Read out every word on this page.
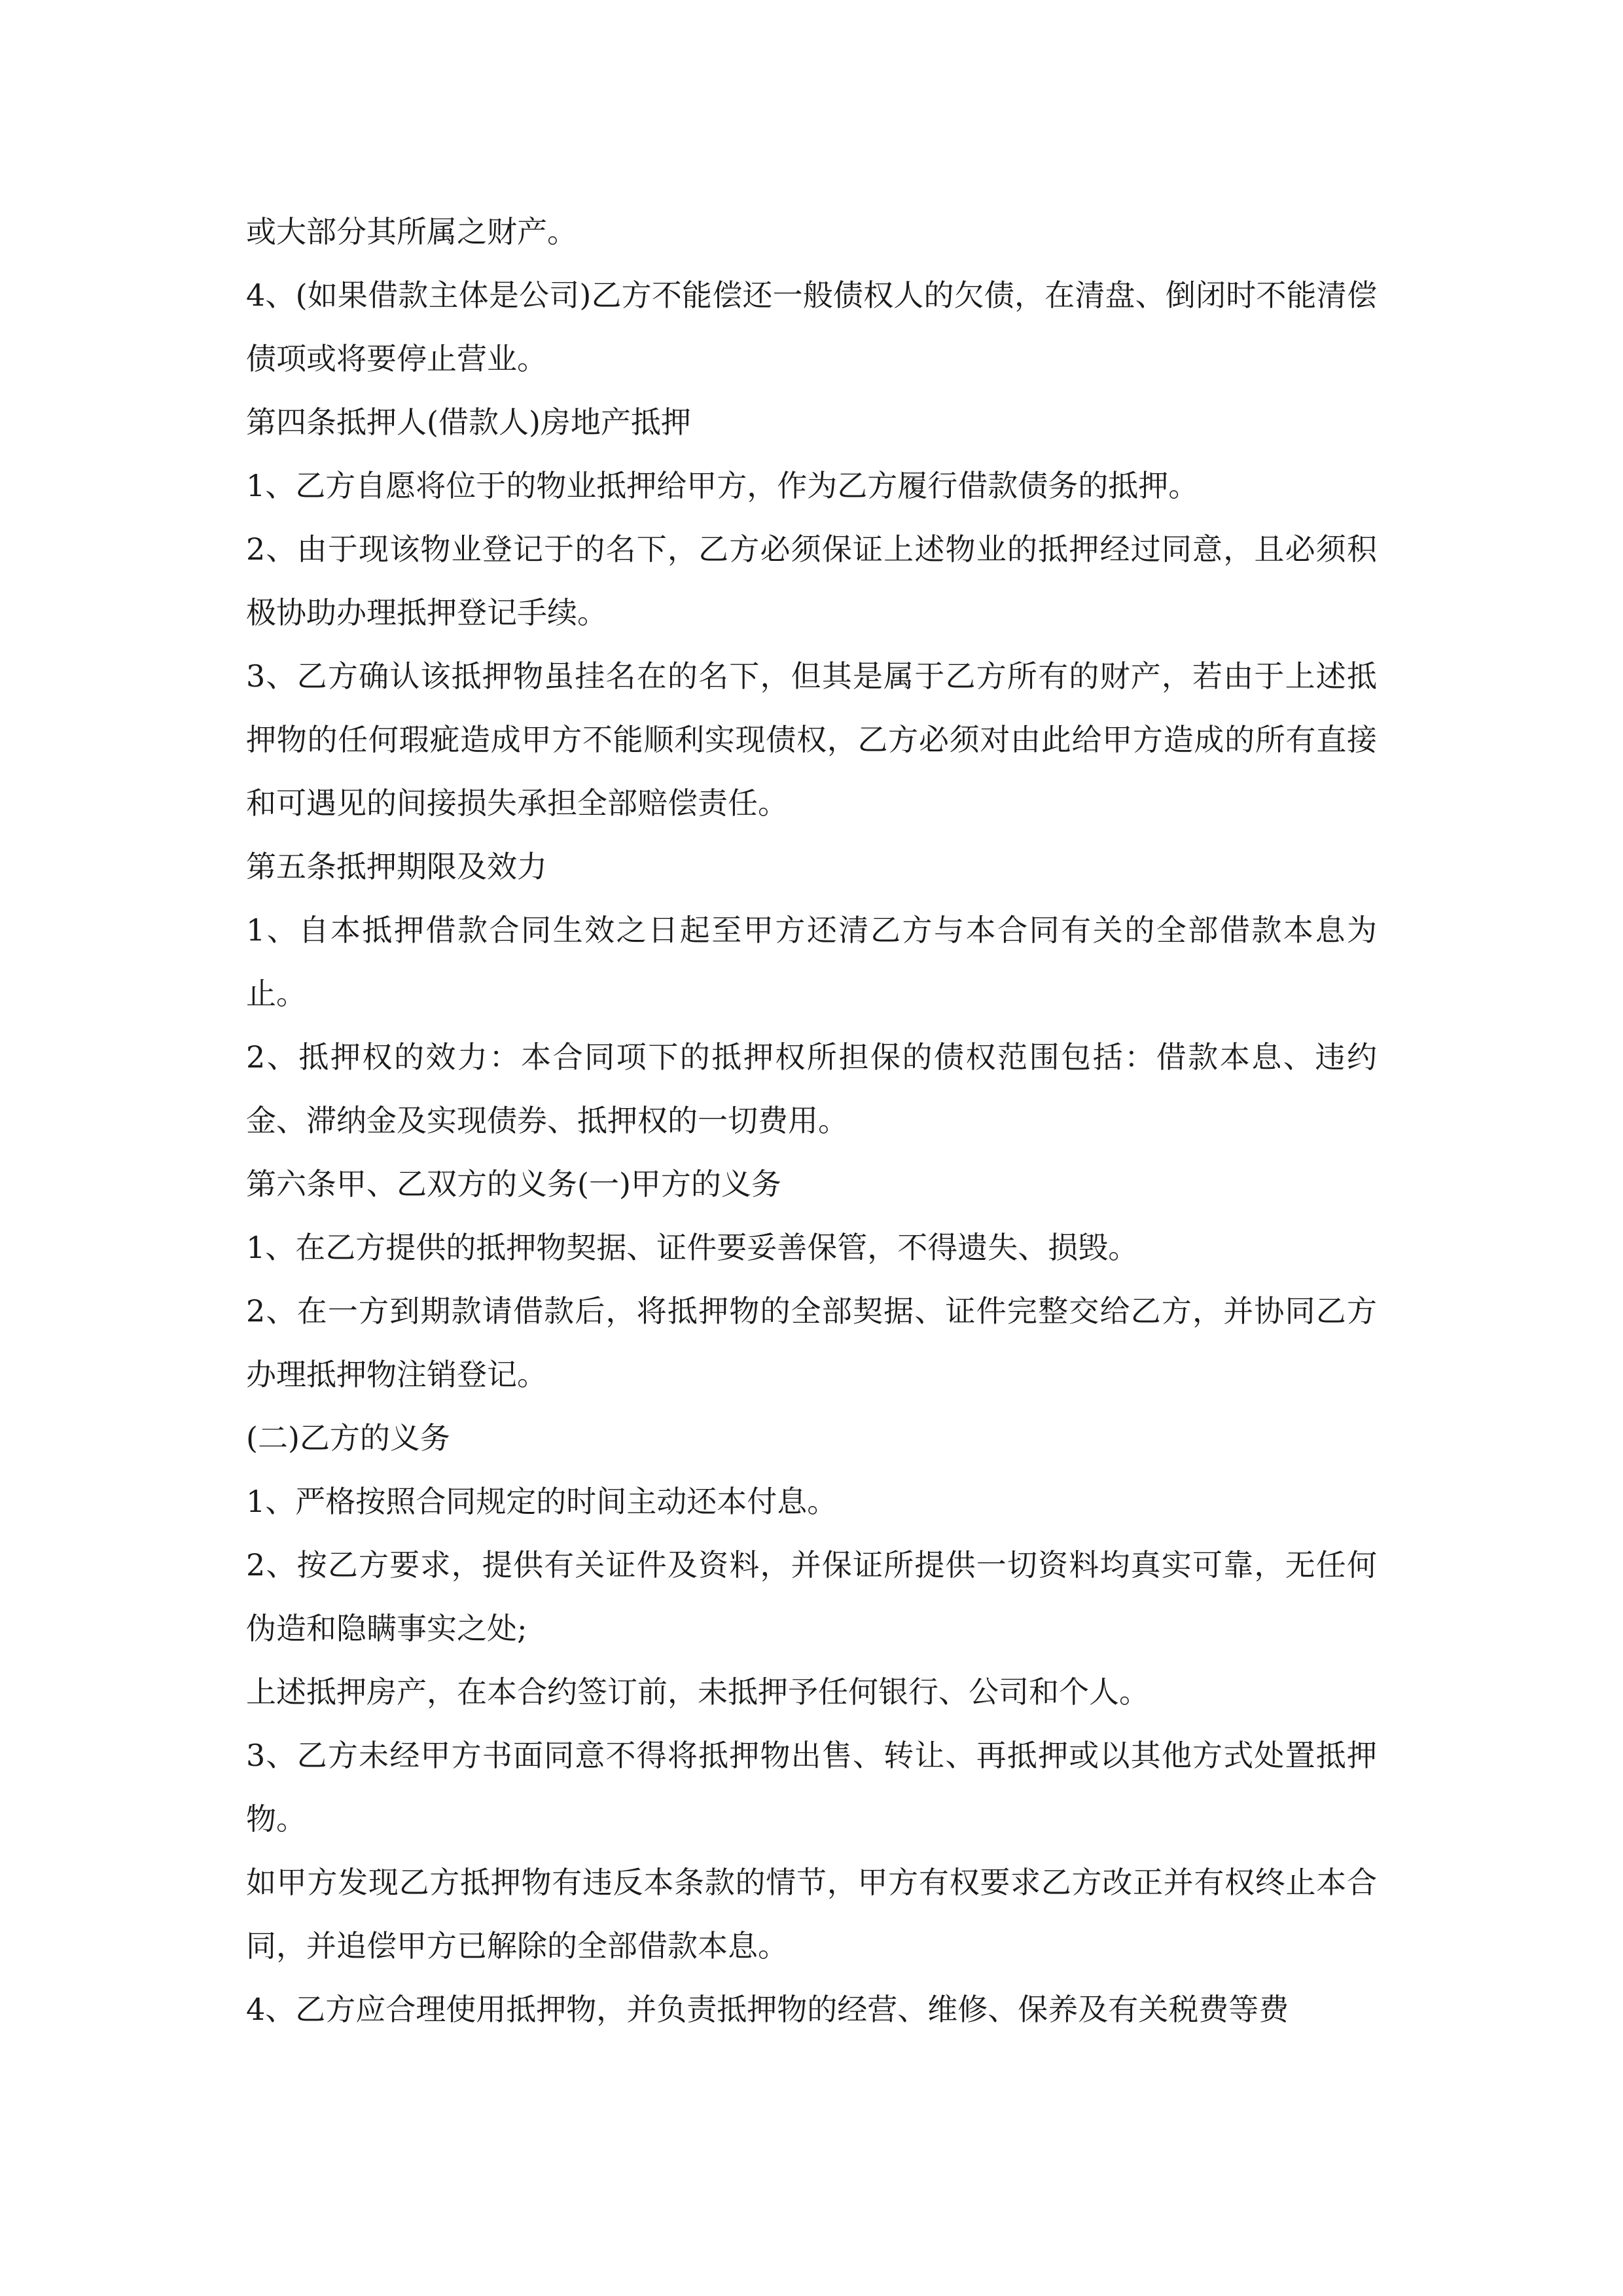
或大部分其所属之财产。

4、(如果借款主体是公司)乙方不能偿还一般债权人的欠债，在清盘、倒闭时不能清偿债项或将要停止营业。

第四条抵押人(借款人)房地产抵押

1、乙方自愿将位于的物业抵押给甲方，作为乙方履行借款债务的抵押。

2、由于现该物业登记于的名下，乙方必须保证上述物业的抵押经过同意，且必须积极协助办理抵押登记手续。

3、乙方确认该抵押物虽挂名在的名下，但其是属于乙方所有的财产，若由于上述抵押物的任何瑕疵造成甲方不能顺利实现债权，乙方必须对由此给甲方造成的所有直接和可遇见的间接损失承担全部赔偿责任。

第五条抵押期限及效力

1、自本抵押借款合同生效之日起至甲方还清乙方与本合同有关的全部借款本息为止。

2、抵押权的效力：本合同项下的抵押权所担保的债权范围包括：借款本息、违约金、滞纳金及实现债券、抵押权的一切费用。

第六条甲、乙双方的义务(一)甲方的义务

1、在乙方提供的抵押物契据、证件要妥善保管，不得遗失、损毁。

2、在一方到期款请借款后，将抵押物的全部契据、证件完整交给乙方，并协同乙方办理抵押物注销登记。

(二)乙方的义务

1、严格按照合同规定的时间主动还本付息。

2、按乙方要求，提供有关证件及资料，并保证所提供一切资料均真实可靠，无任何伪造和隐瞒事实之处;

上述抵押房产，在本合约签订前，未抵押予任何银行、公司和个人。

3、乙方未经甲方书面同意不得将抵押物出售、转让、再抵押或以其他方式处置抵押物。

如甲方发现乙方抵押物有违反本条款的情节，甲方有权要求乙方改正并有权终止本合同，并追偿甲方已解除的全部借款本息。

4、乙方应合理使用抵押物，并负责抵押物的经营、维修、保养及有关税费等费
